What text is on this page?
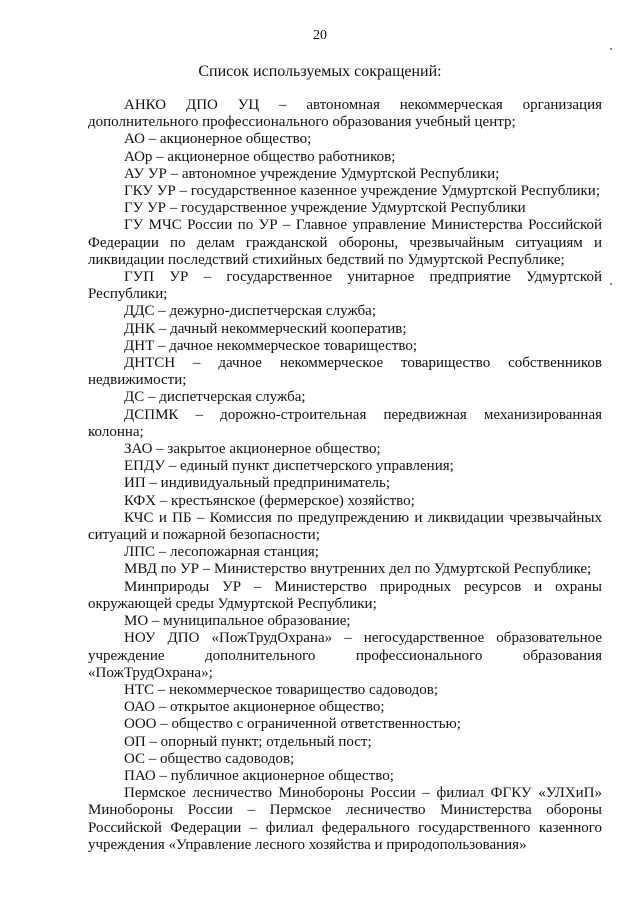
20
Список используемых сокращений:

АНКО ДПО УЦ – автономная некоммерческая организация дополнительного профессионального образования учебный центр;

АО – акционерное общество;

АОр – акционерное общество работников;

АУ УР – автономное учреждение Удмуртской Республики;

ГКУ УР – государственное казенное учреждение Удмуртской Республики;

ГУ УР – государственное учреждение Удмуртской Республики

ГУ МЧС России по УР – Главное управление Министерства Российской Федерации по делам гражданской обороны, чрезвычайным ситуациям и ликвидации последствий стихийных бедствий по Удмуртской Республике;

ГУП УР – государственное унитарное предприятие Удмуртской Республики;

ДДС – дежурно-диспетчерская служба;

ДНК – дачный некоммерческий кооператив;

ДНТ – дачное некоммерческое товарищество;

ДНТСН – дачное некоммерческое товарищество собственников недвижимости;

ДС – диспетчерская служба;

ДСПМК – дорожно-строительная передвижная механизированная колонна;

ЗАО – закрытое акционерное общество;

ЕПДУ – единый пункт диспетчерского управления;

ИП – индивидуальный предприниматель;

КФХ – крестьянское (фермерское) хозяйство;

КЧС и ПБ – Комиссия по предупреждению и ликвидации чрезвычайных ситуаций и пожарной безопасности;

ЛПС – лесопожарная станция;

МВД по УР – Министерство внутренних дел по Удмуртской Республике;

Минприроды УР – Министерство природных ресурсов и охраны окружающей среды Удмуртской Республики;

МО – муниципальное образование;

НОУ ДПО «ПожТрудОхрана» – негосударственное образовательное учреждение дополнительного профессионального образования «ПожТрудОхрана»;

НТС – некоммерческое товарищество садоводов;

ОАО – открытое акционерное общество;

ООО – общество с ограниченной ответственностью;

ОП – опорный пункт; отдельный пост;

ОС – общество садоводов;

ПАО – публичное акционерное общество;

Пермское лесничество Минобороны России – филиал ФГКУ «УЛХиП» Минобороны России – Пермское лесничество Министерства обороны Российской Федерации – филиал федерального государственного казенного учреждения «Управление лесного хозяйства и природопользования»
